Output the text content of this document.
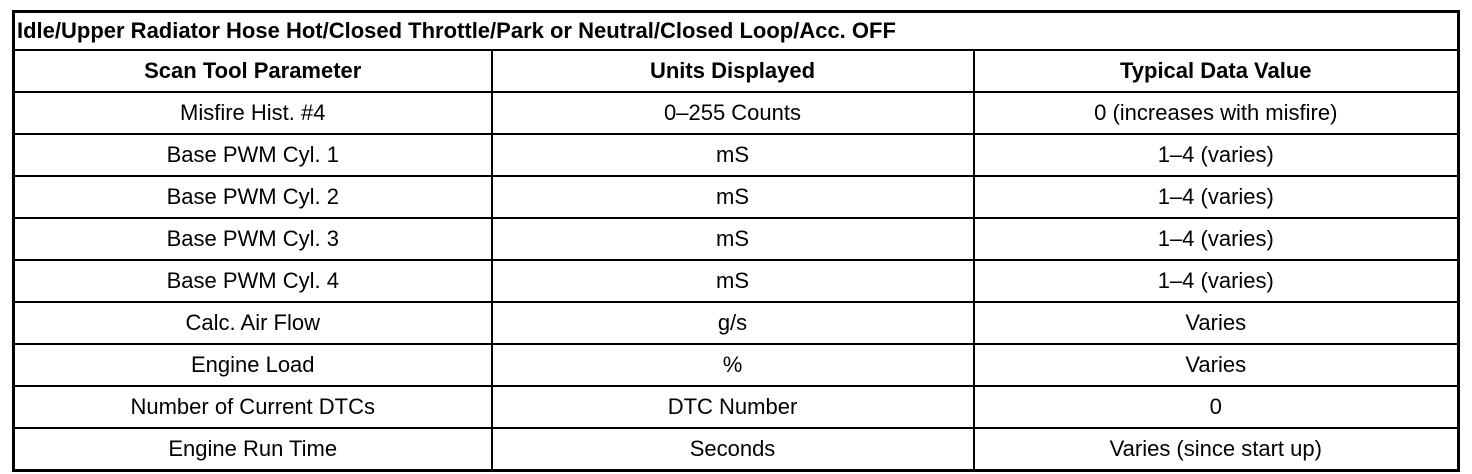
Idle/Upper Radiator Hose Hot/Closed Throttle/Park or Neutral/Closed Loop/Acc. OFF		
Scan Tool Parameter	Units Displayed	Typical Data Value
Misfire Hist. #4	0–255 Counts	0 (increases with misfire)
Base PWM Cyl. 1	mS	1–4 (varies)
Base PWM Cyl. 2	mS	1–4 (varies)
Base PWM Cyl. 3	mS	1–4 (varies)
Base PWM Cyl. 4	mS	1–4 (varies)
Calc. Air Flow	g/s	Varies
Engine Load	%	Varies
Number of Current DTCs	DTC Number	0
Engine Run Time	Seconds	Varies (since start up)
